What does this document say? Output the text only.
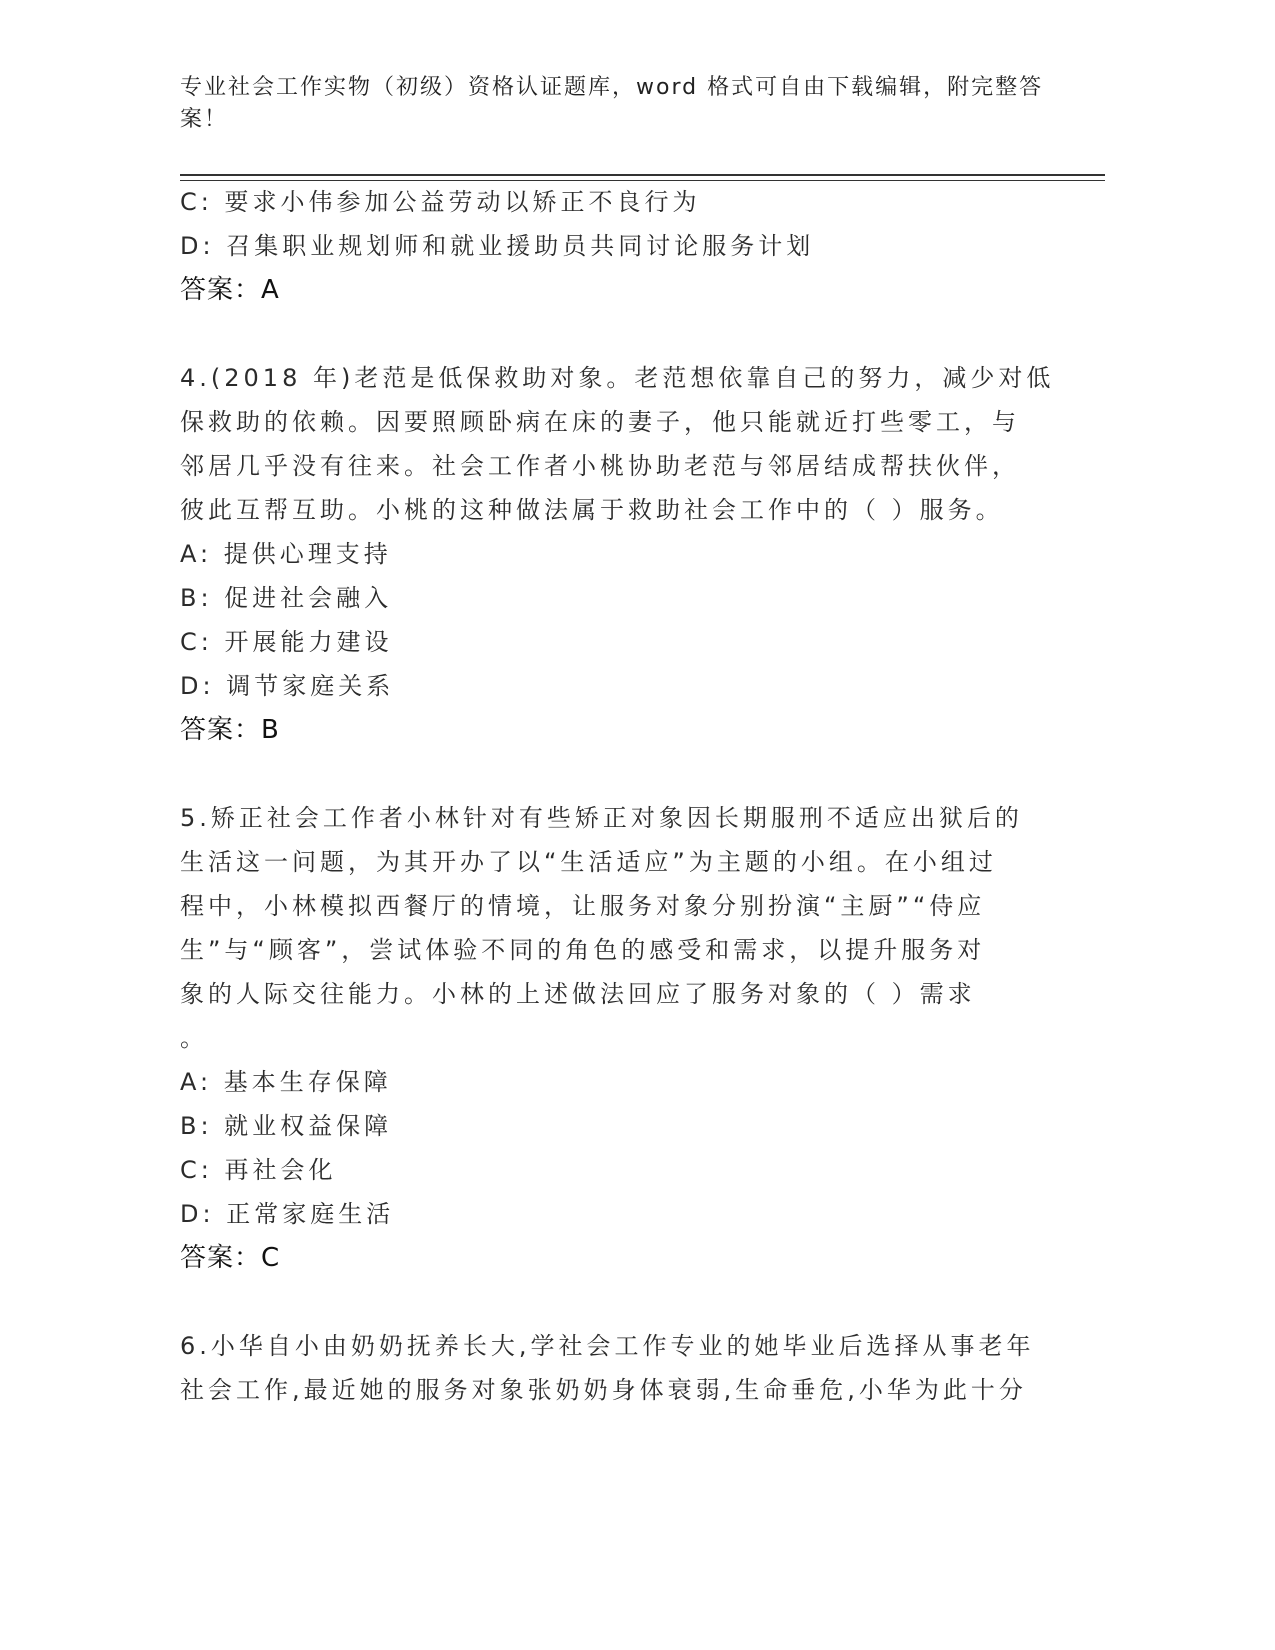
专业社会工作实物（初级）资格认证题库，word 格式可自由下载编辑，附完整答
案！
C: 要求小伟参加公益劳动以矫正不良行为
D: 召集职业规划师和就业援助员共同讨论服务计划
答案：A
4.(2018 年)老范是低保救助对象。老范想依靠自己的努力，减少对低
保救助的依赖。因要照顾卧病在床的妻子，他只能就近打些零工，与
邻居几乎没有往来。社会工作者小桃协助老范与邻居结成帮扶伙伴，
彼此互帮互助。小桃的这种做法属于救助社会工作中的（ ）服务。
A: 提供心理支持
B: 促进社会融入
C: 开展能力建设
D: 调节家庭关系
答案：B
5.矫正社会工作者小林针对有些矫正对象因长期服刑不适应出狱后的
生活这一问题，为其开办了以“生活适应”为主题的小组。在小组过
程中，小林模拟西餐厅的情境，让服务对象分别扮演“主厨”“侍应
生”与“顾客”，尝试体验不同的角色的感受和需求，以提升服务对
象的人际交往能力。小林的上述做法回应了服务对象的（ ）需求
。
A: 基本生存保障
B: 就业权益保障
C: 再社会化
D: 正常家庭生活
答案：C
6.小华自小由奶奶抚养长大,学社会工作专业的她毕业后选择从事老年
社会工作,最近她的服务对象张奶奶身体衰弱,生命垂危,小华为此十分
